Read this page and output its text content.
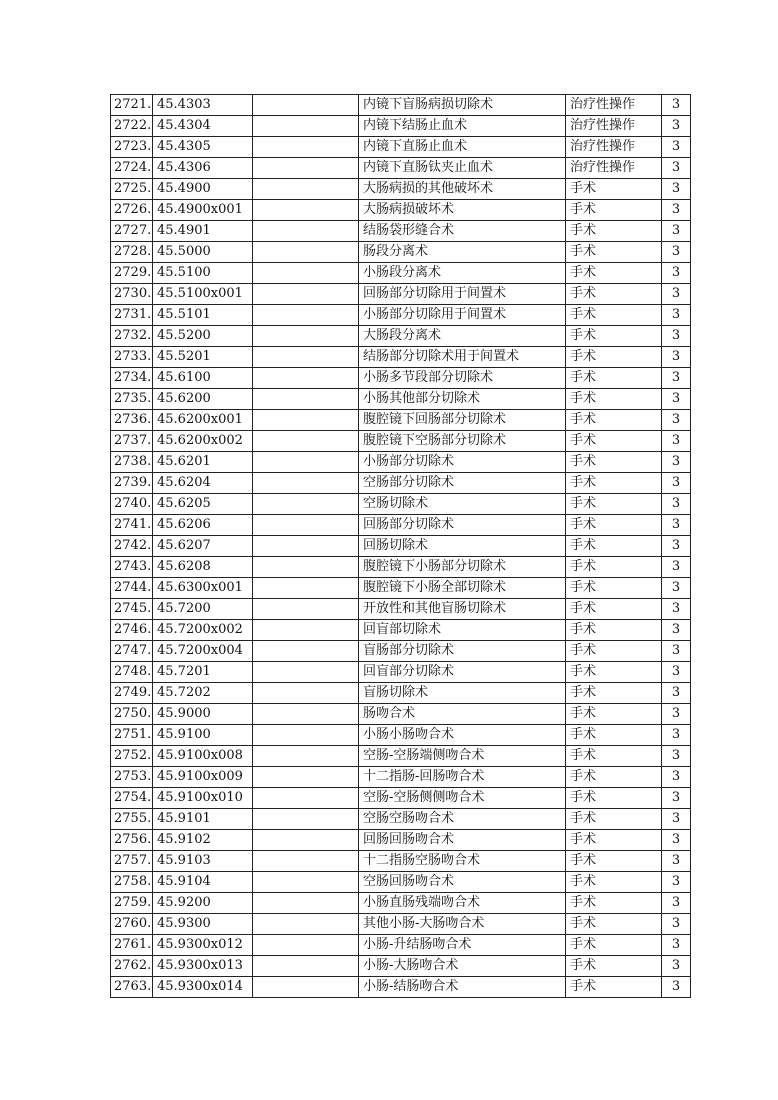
2721.	45.4303		内镜下盲肠病损切除术	治疗性操作	3
2722.	45.4304		内镜下结肠止血术	治疗性操作	3
2723.	45.4305		内镜下直肠止血术	治疗性操作	3
2724.	45.4306		内镜下直肠钛夹止血术	治疗性操作	3
2725.	45.4900		大肠病损的其他破坏术	手术	3
2726.	45.4900x001		大肠病损破坏术	手术	3
2727.	45.4901		结肠袋形缝合术	手术	3
2728.	45.5000		肠段分离术	手术	3
2729.	45.5100		小肠段分离术	手术	3
2730.	45.5100x001		回肠部分切除用于间置术	手术	3
2731.	45.5101		小肠部分切除用于间置术	手术	3
2732.	45.5200		大肠段分离术	手术	3
2733.	45.5201		结肠部分切除术用于间置术	手术	3
2734.	45.6100		小肠多节段部分切除术	手术	3
2735.	45.6200		小肠其他部分切除术	手术	3
2736.	45.6200x001		腹腔镜下回肠部分切除术	手术	3
2737.	45.6200x002		腹腔镜下空肠部分切除术	手术	3
2738.	45.6201		小肠部分切除术	手术	3
2739.	45.6204		空肠部分切除术	手术	3
2740.	45.6205		空肠切除术	手术	3
2741.	45.6206		回肠部分切除术	手术	3
2742.	45.6207		回肠切除术	手术	3
2743.	45.6208		腹腔镜下小肠部分切除术	手术	3
2744.	45.6300x001		腹腔镜下小肠全部切除术	手术	3
2745.	45.7200		开放性和其他盲肠切除术	手术	3
2746.	45.7200x002		回盲部切除术	手术	3
2747.	45.7200x004		盲肠部分切除术	手术	3
2748.	45.7201		回盲部分切除术	手术	3
2749.	45.7202		盲肠切除术	手术	3
2750.	45.9000		肠吻合术	手术	3
2751.	45.9100		小肠小肠吻合术	手术	3
2752.	45.9100x008		空肠-空肠端侧吻合术	手术	3
2753.	45.9100x009		十二指肠-回肠吻合术	手术	3
2754.	45.9100x010		空肠-空肠侧侧吻合术	手术	3
2755.	45.9101		空肠空肠吻合术	手术	3
2756.	45.9102		回肠回肠吻合术	手术	3
2757.	45.9103		十二指肠空肠吻合术	手术	3
2758.	45.9104		空肠回肠吻合术	手术	3
2759.	45.9200		小肠直肠残端吻合术	手术	3
2760.	45.9300		其他小肠-大肠吻合术	手术	3
2761.	45.9300x012		小肠-升结肠吻合术	手术	3
2762.	45.9300x013		小肠-大肠吻合术	手术	3
2763.	45.9300x014		小肠-结肠吻合术	手术	3
